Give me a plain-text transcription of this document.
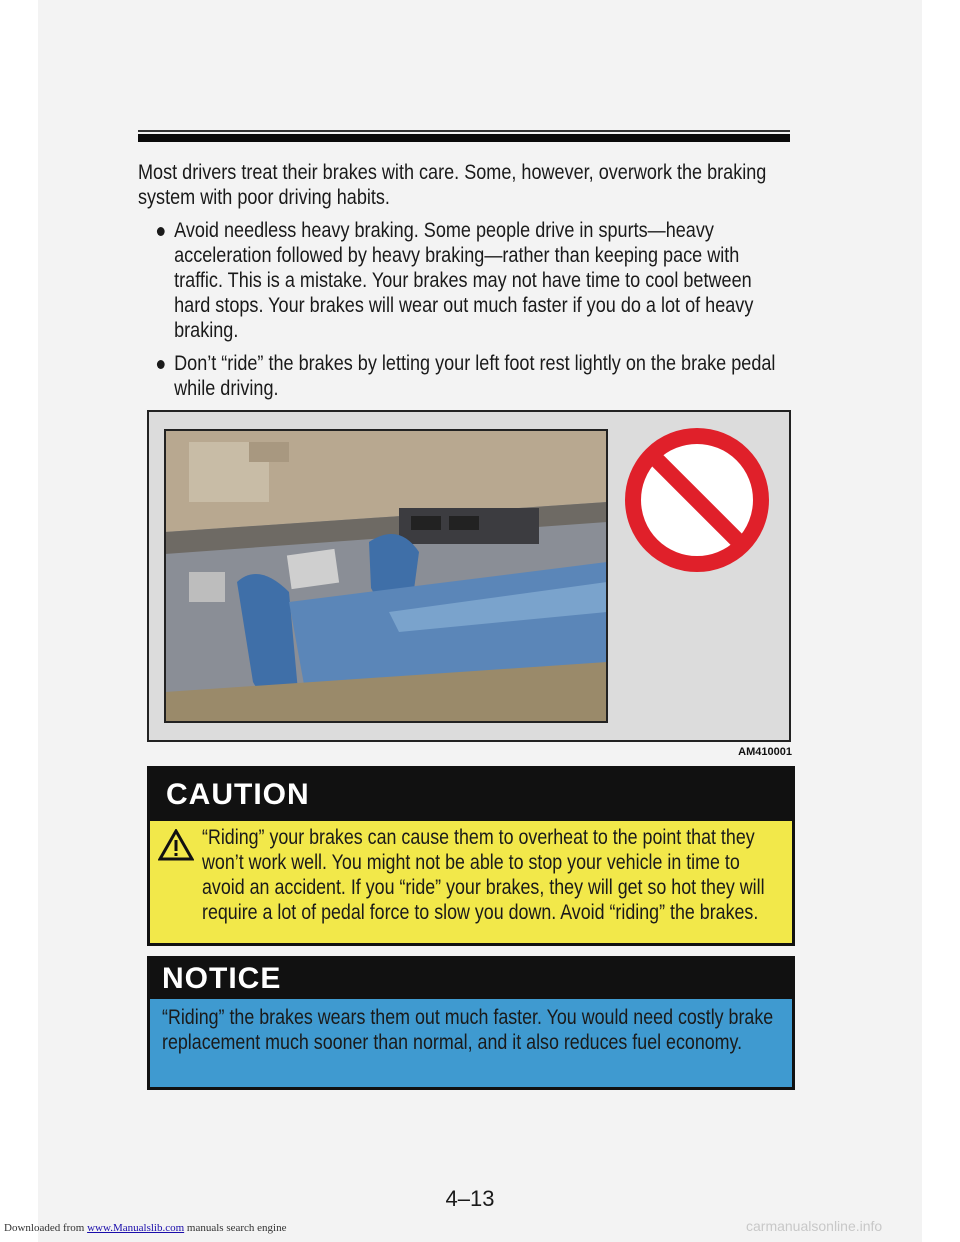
Most drivers treat their brakes with care. Some, however, overwork the braking system with poor driving habits.

Avoid needless heavy braking. Some people drive in spurts—heavy acceleration followed by heavy braking—rather than keeping pace with traffic. This is a mistake. Your brakes may not have time to cool between hard stops. Your brakes will wear out much faster if you do a lot of heavy braking.
Don’t “ride” the brakes by letting your left foot rest lightly on the brake pedal while driving.
AM410001
CAUTION
“Riding” your brakes can cause them to overheat to the point that they won’t work well. You might not be able to stop your vehicle in time to avoid an accident. If you “ride” your brakes, they will get so hot they will require a lot of pedal force to slow you down. Avoid “riding” the brakes.
NOTICE
“Riding” the brakes wears them out much faster. You would need costly brake replacement much sooner than normal, and it also reduces fuel economy.
4–13
Downloaded from www.Manualslib.com manuals search engine	carmanualsonline.info
